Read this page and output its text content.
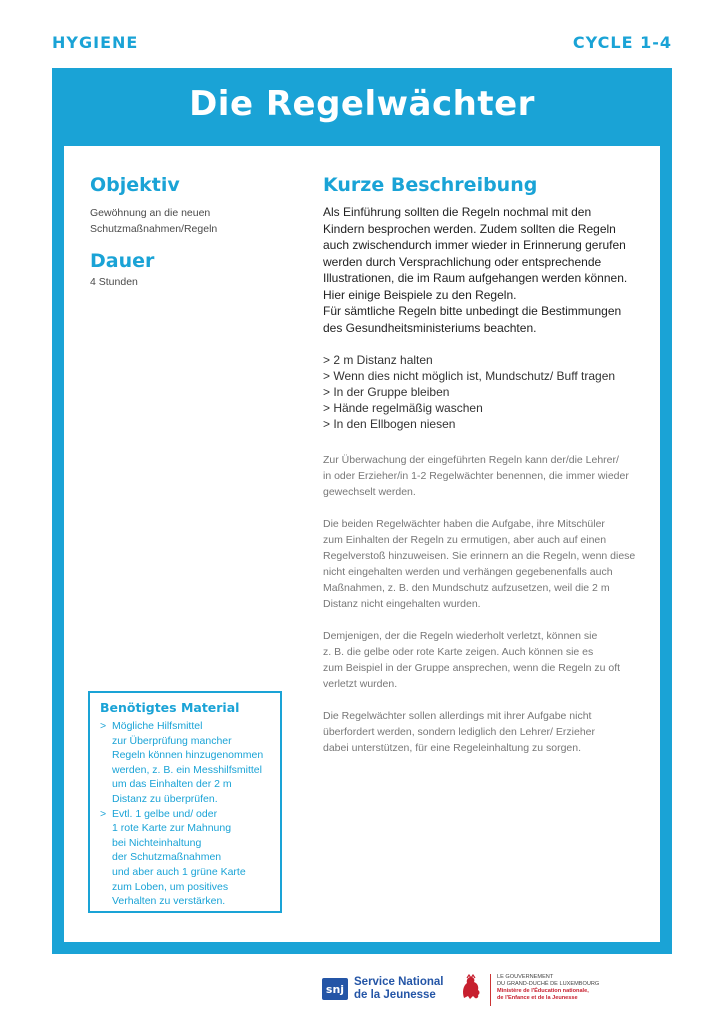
HYGIENE	CYCLE 1-4
Die Regelwächter
Objektiv
Gewöhnung an die neuen
Schutzmaßnahmen/Regeln
Dauer
4 Stunden
Benötigtes Material
> Mögliche Hilfsmittel
zur Überprüfung mancher
Regeln können hinzugenommen
werden, z. B. ein Messhilfsmittel
um das Einhalten der 2 m
Distanz zu überprüfen.
> Evtl. 1 gelbe und/ oder
1 rote Karte zur Mahnung
bei Nichteinhaltung
der Schutzmaßnahmen
und aber auch 1 grüne Karte
zum Loben, um positives
Verhalten zu verstärken.
Kurze Beschreibung
Als Einführung sollten die Regeln nochmal mit den
Kindern besprochen werden. Zudem sollten die Regeln
auch zwischendurch immer wieder in Erinnerung gerufen
werden durch Versprachlichung oder entsprechende
Illustrationen, die im Raum aufgehangen werden können.
Hier einige Beispiele zu den Regeln.
Für sämtliche Regeln bitte unbedingt die Bestimmungen
des Gesundheitsministeriums beachten.
> 2 m Distanz halten
> Wenn dies nicht möglich ist, Mundschutz/ Buff tragen
> In der Gruppe bleiben
> Hände regelmäßig waschen
> In den Ellbogen niesen
Zur Überwachung der eingeführten Regeln kann der/die Lehrer/
in oder Erzieher/in 1-2 Regelwächter benennen, die immer wieder
gewechselt werden.
Die beiden Regelwächter haben die Aufgabe, ihre Mitschüler
zum Einhalten der Regeln zu ermutigen, aber auch auf einen
Regelverstoß hinzuweisen. Sie erinnern an die Regeln, wenn diese
nicht eingehalten werden und verhängen gegebenenfalls auch
Maßnahmen, z. B. den Mundschutz aufzusetzen, weil die 2 m
Distanz nicht eingehalten wurden.
Demjenigen, der die Regeln wiederholt verletzt, können sie
z. B. die gelbe oder rote Karte zeigen. Auch können sie es
zum Beispiel in der Gruppe ansprechen, wenn die Regeln zu oft
verletzt wurden.
Die Regelwächter sollen allerdings mit ihrer Aufgabe nicht
überfordert werden, sondern lediglich den Lehrer/ Erzieher
dabei unterstützen, für eine Regeleinhaltung zu sorgen.
snj
Service National
de la Jeunesse
LE GOUVERNEMENT
DU GRAND-DUCHÉ DE LUXEMBOURG
Ministère de l'Éducation nationale,
de l'Enfance et de la Jeunesse
